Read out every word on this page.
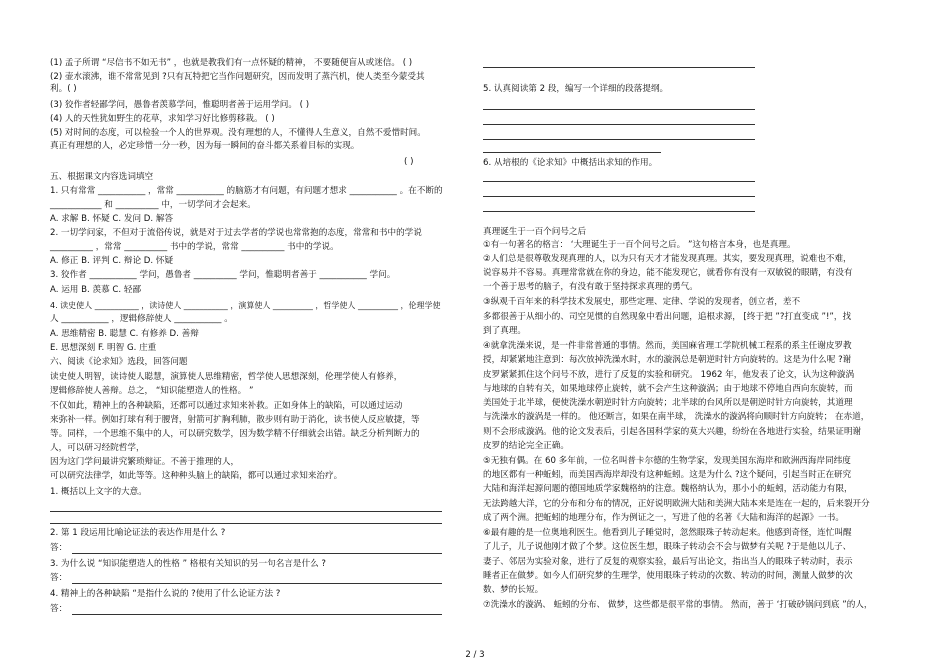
(1) 孟子所谓 “尽信书不如无书” ，也就是教我们有一点怀疑的精神， 不要随便盲从或迷信。 ( )
(2) 壶水滚沸，谁不常常见到 ?只有瓦特把它当作问题研究，因而发明了蒸汽机，使人类至今蒙受其
利。( )
(3) 狡作者轻鄙学问，愚鲁者羡慕学问，惟聪明者善于运用学问。 ( )
(4) 人的天性犹如野生的花草，求知学习好比修剪移栽。 ( )
(5) 对时间的态度，可以检验一个人的世界观。没有理想的人，不懂得人生意义，自然不爱惜时间。
真正有理想的人，必定珍惜一分一秒，因为每一瞬间的奋斗都关系着目标的实现。
( )
五、根据课文内容选词填空
1. 只有常常 ___________ ，常常 ___________ 的脑筋才有问题，有问题才想求 ___________ 。在不断的
____________ 和 __________ 中，一切学问才会起来。
A. 求解 B. 怀疑 C. 发问 D. 解答
2. 一切学问家，不但对于流俗传说，就是对于过去学者的学说也常常抱的态度，常常和书中的学说
__________ ，常常 __________ 书中的学说，常常 __________ 书中的学说。
A. 修正 B. 评判 C. 辩论 D. 怀疑
3. 狡作者 ___________ 学问，愚鲁者 __________ 学问，惟聪明者善于 ___________ 学问。
A. 运用 B. 羡慕 C. 轻鄙
4. 读史使人 ___________ ，读诗使人 ___________ ，演算使人 __________ ，哲学使人 __________ ，伦理学使
人 ___________ ，逻辑修辞使人 ___________ 。
A. 思维精密 B. 聪慧 C. 有修养 D. 善辩
E. 思想深刻 F. 明智 G. 庄重
六、阅读《论求知》选段，回答问题
读史使人明智，读诗使人聪慧，演算使人思维精密，哲学使人思想深刻，伦理学使人有修养，
逻辑修辞使人善辩。总之， “知识能塑造人的性格。 ”
不仅如此，精神上的各种缺陷，还都可以通过求知来补救。正如身体上的缺陷，可以通过运动
来弥补一样。例如打球有利于腰肾，射箭可扩胸利肺，散步则有助于消化，读书使人反应敏捷，等
等。同样，一个思维不集中的人，可以研究数学，因为数学精不仔细就会出错。缺乏分析判断力的
人，可以研习经院哲学，
因为这门学问最讲究繁琐辩证。不善于推理的人，
可以研究法律学，如此等等。这种种头脑上的缺陷，都可以通过求知来治疗。
1. 概括以上文字的大意。
2. 第 1 段运用比喻论证法的表达作用是什么 ?
答：
3. 为什么说 “知识能塑造人的性格 ” 格根有关知识的另一句名言是什么 ?
答：
4. 精神上的各种缺陷 “是指什么说的 ?使用了什么论证方法 ?
答：
5. 认真阅读第 2 段，编写一个详细的段落提纲。
6. 从培根的《论求知》中概括出求知的作用。
真理诞生于一百个问号之后
①有一句著名的格言： ‘大理诞生于一百个问号之后。 ”这句格言本身，也是真理。
②人们总是很尊敬发现真理的人，以为只有天才才能发现真理。其实，要发现真理，说难也不难，
说容易并不容易。真理常常就在你的身边，能不能发现它，就看你有没有一双敏锐的眼睛，有没有
一个善于思考的脑子，有没有敢于坚持探求真理的勇气。
③纵观千百年来的科学技术发展史，那些定理、定律、学说的发现者，创立者，差不
多都很善于从细小的、司空见惯的自然现象中看出问题，追根求源， [终于把 ”?打直变成 ”!”，找
到了真理。
④就拿洗澡来说，是一件非常普通的事情。然而，美国麻省理工学院机械工程系的系主任谢皮罗教
授，却紧紧地注意到：每次放掉洗澡水时，水的漩涡总是朝逆时针方向旋转的。这是为什么呢 ?谢
皮罗紧紧抓住这个问号不放，进行了反复的实验和研究。 1962 年，他发表了论文，认为这种漩涡
与地球的自转有关，如果地球停止旋转，就不会产生这种漩涡；由于地球不停地自西向东旋转，而
美国处于北半球，便使洗澡水朝逆时针方向旋转；北半球的台风所以是朝逆时针方向旋转，其道理
与洗澡水的漩涡是一样的。 他还断言，如果在南半球， 洗澡水的漩涡将向顺时针方向旋转； 在赤道，
则不会形成漩涡。他的论文发表后，引起各国科学家的莫大兴趣，纷纷在各地进行实验，结果证明谢
皮罗的结论完全正确。
⑤无独有偶。在 60 多年前，一位名叫普卡尔德的生物学家，发现美国东海岸和欧洲西海岸同纬度
的地区都有一种蚯蚓，而美国西海岸却没有这种蚯蚓。这是为什么 ?这个疑问，引起当时正在研究
大陆和海洋起源问题的德国地质学家魏格纳的注意。魏格纳认为，那小小的蚯蚓，活动能力有限，
无法跨越大洋，它的分布和分布的情况，正好说明欧洲大陆和美洲大陆本来是连在一起的，后来裂开分
成了两个洲。把蚯蚓的地理分布，作为例证之一，写进了他的名著《大陆和海洋的起源》一书。
⑥最有趣的是一位奥地利医生。他看到儿子睡觉时，忽然眼珠子转动起来。他感到奇怪，连忙叫醒
了儿子，儿子说他刚才做了个梦。这位医生想，眼珠子转动会不会与做梦有关呢 ?于是他以儿子、
妻子、邻居为实验对象，进行了反复的观察实验，最后写出论文，指出当人的眼珠子转动时，表示
睡者正在做梦。如今人们研究梦的生理学，使用眼珠子转动的次数、转动的时间，测量人做梦的次
数、梦的长短。
⑦洗澡水的漩涡、 蚯蚓的分布、 做梦，这些都是很平常的事情。 然而，善于 ‘打破砂锅问到底 ”的人，
2 / 3
